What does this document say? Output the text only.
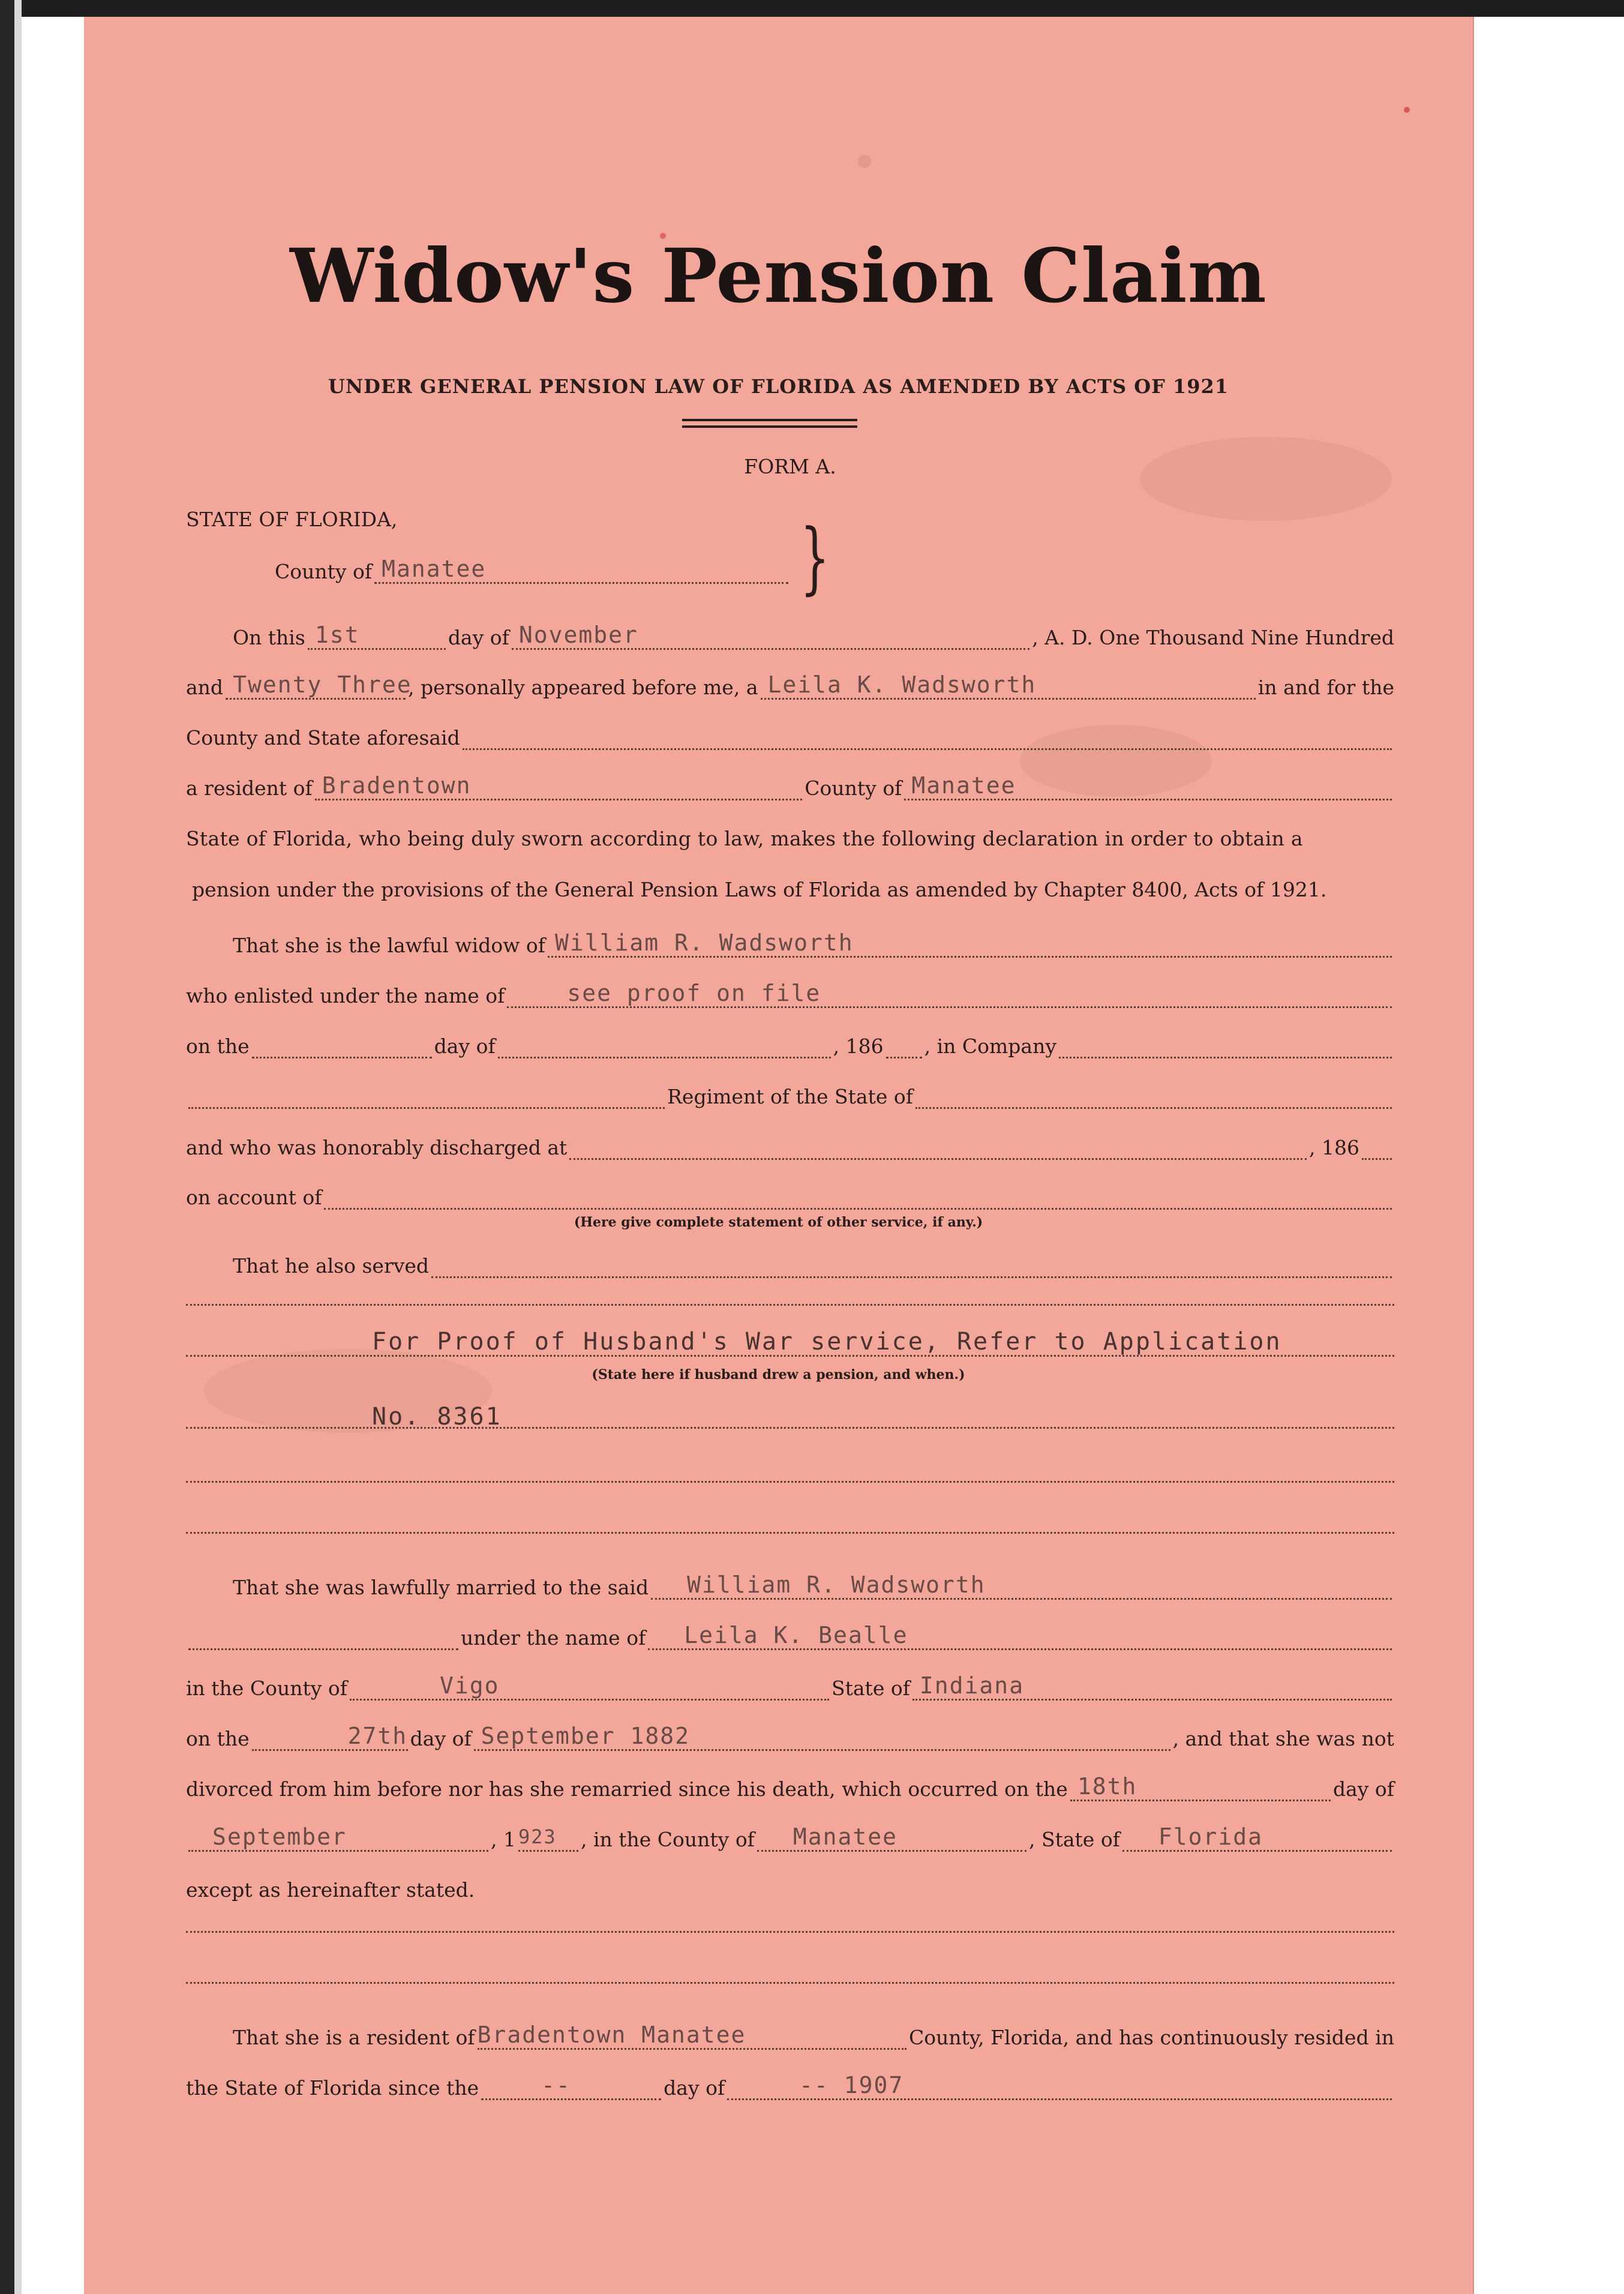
Widow's Pension Claim
UNDER GENERAL PENSION LAW OF FLORIDA AS AMENDED BY ACTS OF 1921
FORM A.
STATE OF FLORIDA,	}
County of Manatee
On this 1st	day of November	, A. D. One Thousand Nine Hundred
and Twenty Three
, personally appeared before me, a Leila K. Wadsworth	in and for the
County and State aforesaid
a resident of Bradentown	County of Manatee
State of Florida, who being duly sworn according to law, makes the following declaration in order to obtain a
pension under the provisions of the General Pension Laws of Florida as amended by Chapter 8400, Acts of 1921.
That she is the lawful widow of William R. Wadsworth
who enlisted under the name of	see proof on file
on the	day of	, 186 , in Company
Regiment of the State of
and who was honorably discharged at	, 186
on account of
(Here give complete statement of other service, if any.)
That he also served
For Proof of Husband's War service, Refer to Application
(State here if husband drew a pension, and when.)
No. 8361
That she was lawfully married to the said William R. Wadsworth
under the name of Leila K. Bealle
in the County of	Vigo	State of Indiana
on the	27th day of September 1882	, and that she was not
divorced from him before nor has she remarried since his death, which occurred on the 18th	day of
September	, 1 923 , in the County of Manatee	, State of Florida
except as hereinafter stated.
That she is a resident of Bradentown Manatee	County, Florida, and has continuously resided in
the State of Florida since the	--	day of	-- 1907
